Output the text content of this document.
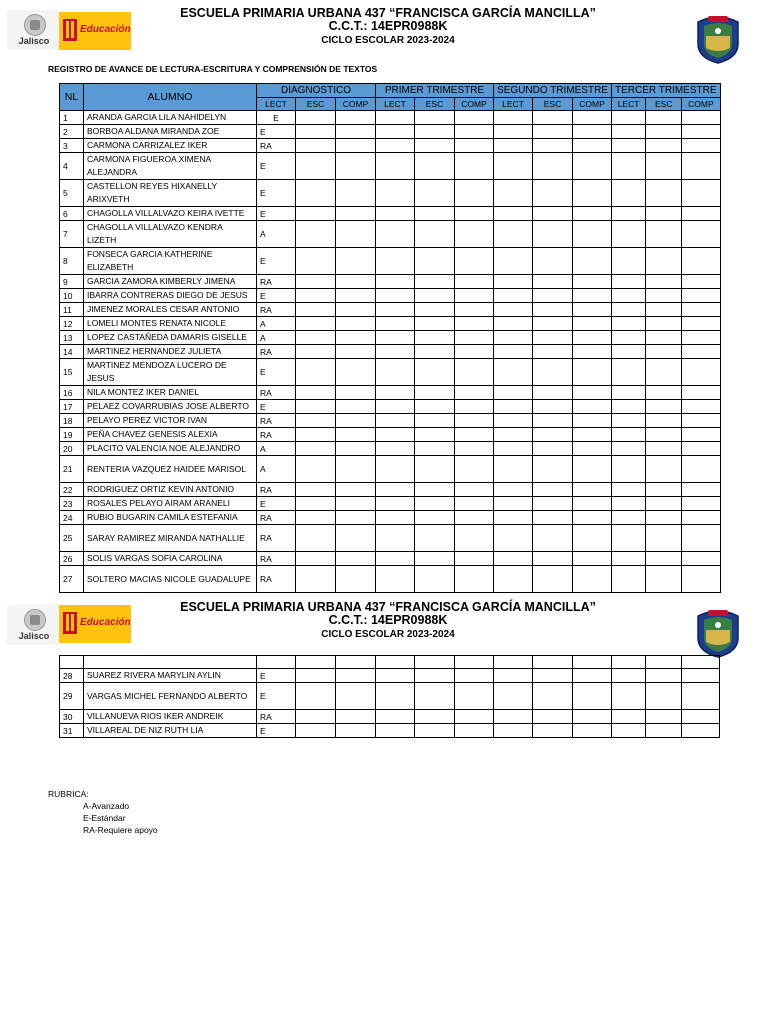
Jalisco
Educación
ESCUELA PRIMARIA URBANA 437 “FRANCISCA GARCÍA MANCILLA”
C.C.T.: 14EPR0988K
CICLO ESCOLAR 2023-2024
REGISTRO DE AVANCE DE LECTURA-ESCRITURA Y COMPRENSIÓN DE TEXTOS
NL	ALUMNO	DIAGNOSTICO			PRIMER TRIMESTRE			SEGUNDO TRIMESTRE			TERCER TRIMESTRE		
		LECT	ESC	COMP	LECT	ESC	COMP	LECT	ESC	COMP	LECT	ESC	COMP
1	ARANDA GARCIA LILA NAHIDELYN	E											
2	BORBOA ALDANA MIRANDA ZOE	E											
3	CARMONA CARRIZALEZ IKER	RA											
4	CARMONA FIGUEROA XIMENA ALEJANDRA	E											
5	CASTELLON REYES HIXANELLY ARIXVETH	E											
6	CHAGOLLA VILLALVAZO KEIRA IVETTE	E											
7	CHAGOLLA VILLALVAZO KENDRA LIZETH	A											
8	FONSECA GARCIA KATHERINE ELIZABETH	E											
9	GARCIA ZAMORA KIMBERLY JIMENA	RA											
10	IBARRA CONTRERAS DIEGO DE JESUS	E											
11	JIMENEZ MORALES CESAR ANTONIO	RA											
12	LOMELI MONTES RENATA NICOLE	A											
13	LOPEZ CASTAÑEDA DAMARIS GISELLE	A											
14	MARTINEZ HERNANDEZ JULIETA	RA											
15	MARTINEZ MENDOZA LUCERO DE JESUS	E											
16	NILA MONTEZ IKER DANIEL	RA											
17	PELAEZ COVARRUBIAS JOSE ALBERTO	E											
18	PELAYO PEREZ VICTOR IVAN	RA											
19	PEÑA CHAVEZ GENESIS ALEXIA	RA											
20	PLACITO VALENCIA NOE ALEJANDRO	A											
21	RENTERIA VAZQUEZ HAIDEE MARISOL	A											
22	RODRIGUEZ ORTIZ KEVIN ANTONIO	RA											
23	ROSALES PELAYO AIRAM ARANELI	E											
24	RUBIO BUGARIN CAMILA ESTEFANIA	RA											
25	SARAY RAMIREZ MIRANDA NATHALLIE	RA											
26	SOLIS VARGAS SOFIA CAROLINA	RA											
27	SOLTERO MACIAS NICOLE GUADALUPE	RA											
Jalisco
Educación
ESCUELA PRIMARIA URBANA 437 “FRANCISCA GARCÍA MANCILLA”
C.C.T.: 14EPR0988K
CICLO ESCOLAR 2023-2024

28	SUAREZ RIVERA MARYLIN AYLIN	E											
29	VARGAS MICHEL FERNANDO ALBERTO	E											
30	VILLANUEVA RIOS IKER ANDREIK	RA											
31	VILLAREAL DE NIZ RUTH LIA	E											
RUBRICA:
A-Avanzado
E-Estándar
RA-Requiere apoyo
